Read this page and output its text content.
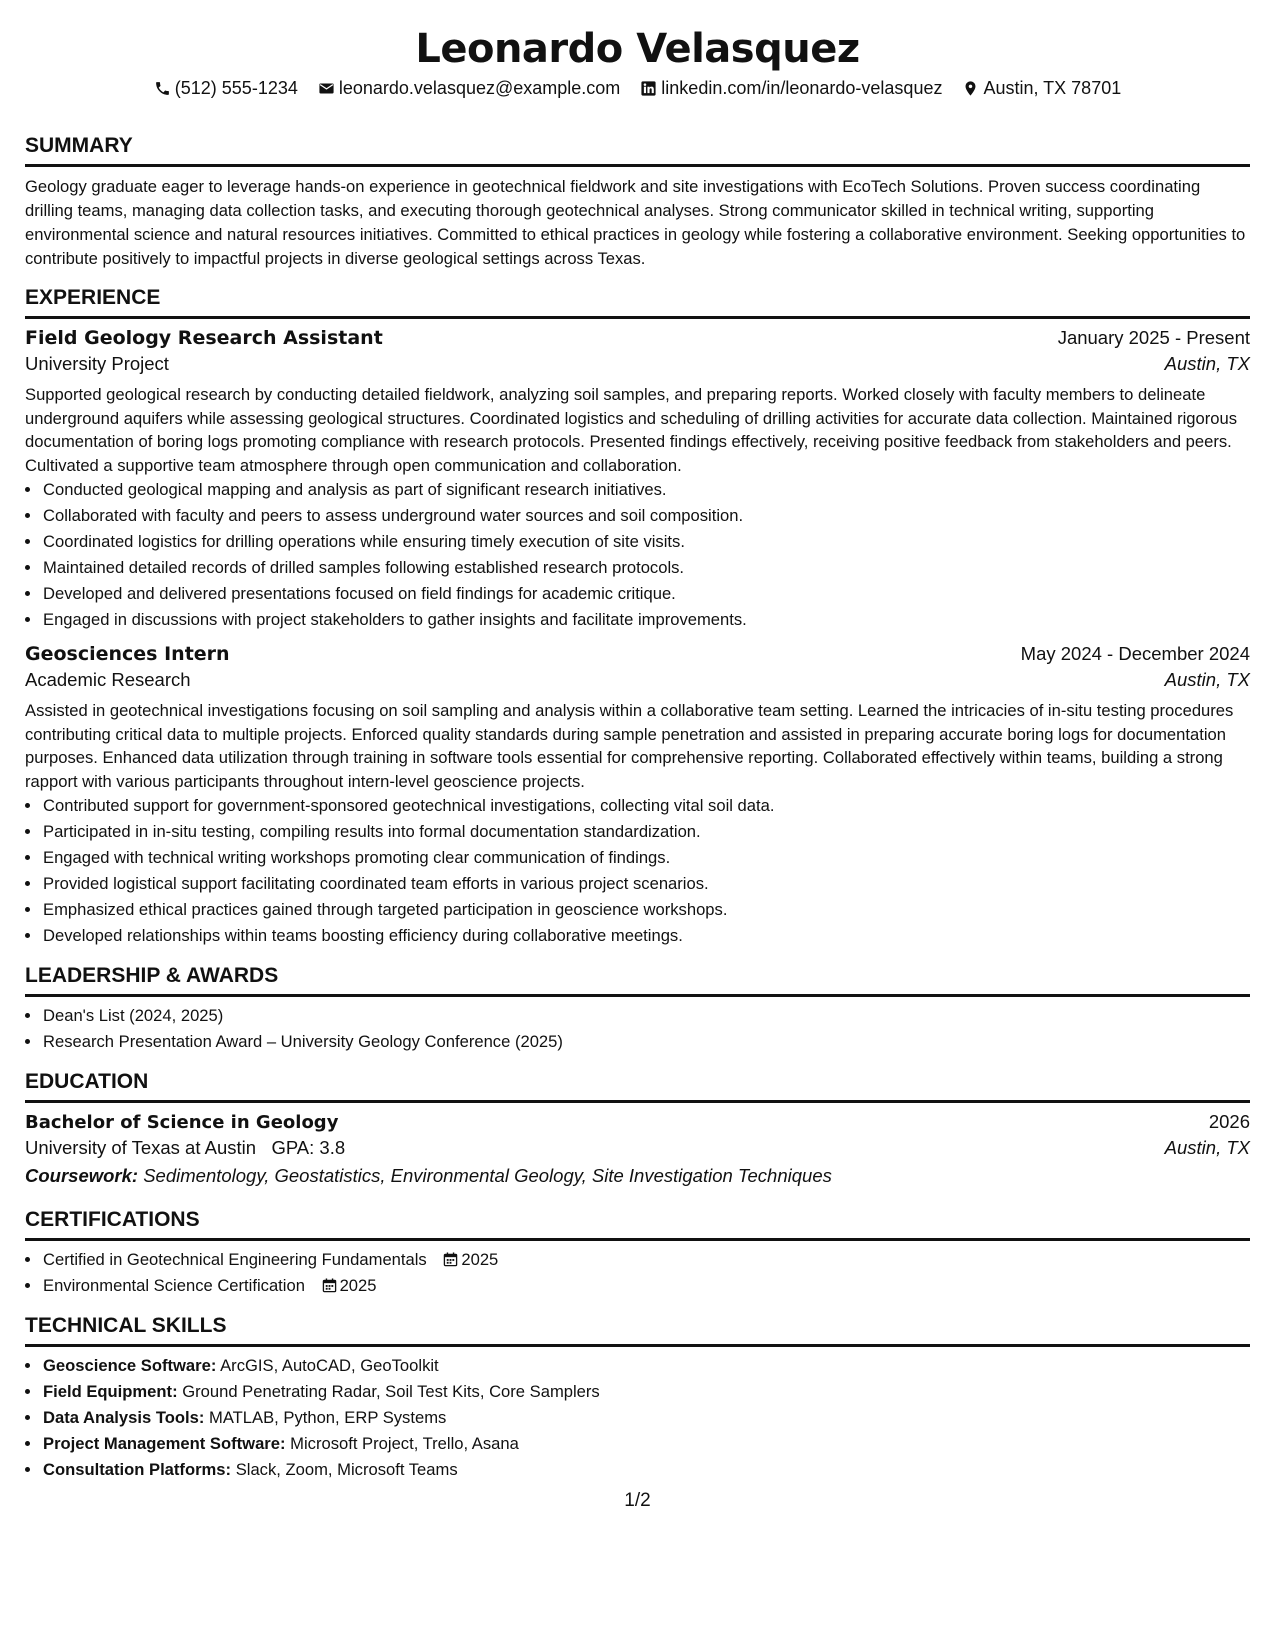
Leonardo Velasquez
(512) 555-1234 leonardo.velasquez@example.com linkedin.com/in/leonardo-velasquez Austin, TX 78701
SUMMARY
Geology graduate eager to leverage hands-on experience in geotechnical fieldwork and site investigations with EcoTech Solutions. Proven success coordinating drilling teams, managing data collection tasks, and executing thorough geotechnical analyses. Strong communicator skilled in technical writing, supporting environmental science and natural resources initiatives. Committed to ethical practices in geology while fostering a collaborative environment. Seeking opportunities to contribute positively to impactful projects in diverse geological settings across Texas.
EXPERIENCE
Field Geology Research Assistant	January 2025 - Present
University Project	Austin, TX
Supported geological research by conducting detailed fieldwork, analyzing soil samples, and preparing reports. Worked closely with faculty members to delineate underground aquifers while assessing geological structures. Coordinated logistics and scheduling of drilling activities for accurate data collection. Maintained rigorous documentation of boring logs promoting compliance with research protocols. Presented findings effectively, receiving positive feedback from stakeholders and peers. Cultivated a supportive team atmosphere through open communication and collaboration.
• Conducted geological mapping and analysis as part of significant research initiatives.
• Collaborated with faculty and peers to assess underground water sources and soil composition.
• Coordinated logistics for drilling operations while ensuring timely execution of site visits.
• Maintained detailed records of drilled samples following established research protocols.
• Developed and delivered presentations focused on field findings for academic critique.
• Engaged in discussions with project stakeholders to gather insights and facilitate improvements.
Geosciences Intern	May 2024 - December 2024
Academic Research	Austin, TX
Assisted in geotechnical investigations focusing on soil sampling and analysis within a collaborative team setting. Learned the intricacies of in-situ testing procedures contributing critical data to multiple projects. Enforced quality standards during sample penetration and assisted in preparing accurate boring logs for documentation purposes. Enhanced data utilization through training in software tools essential for comprehensive reporting. Collaborated effectively within teams, building a strong rapport with various participants throughout intern-level geoscience projects.
• Contributed support for government-sponsored geotechnical investigations, collecting vital soil data.
• Participated in in-situ testing, compiling results into formal documentation standardization.
• Engaged with technical writing workshops promoting clear communication of findings.
• Provided logistical support facilitating coordinated team efforts in various project scenarios.
• Emphasized ethical practices gained through targeted participation in geoscience workshops.
• Developed relationships within teams boosting efficiency during collaborative meetings.
LEADERSHIP & AWARDS
• Dean's List (2024, 2025)
• Research Presentation Award – University Geology Conference (2025)
EDUCATION
Bachelor of Science in Geology	2026
University of Texas at Austin GPA: 3.8	Austin, TX
Coursework: Sedimentology, Geostatistics, Environmental Geology, Site Investigation Techniques
CERTIFICATIONS
• Certified in Geotechnical Engineering Fundamentals 2025
• Environmental Science Certification 2025
TECHNICAL SKILLS
• Geoscience Software: ArcGIS, AutoCAD, GeoToolkit
• Field Equipment: Ground Penetrating Radar, Soil Test Kits, Core Samplers
• Data Analysis Tools: MATLAB, Python, ERP Systems
• Project Management Software: Microsoft Project, Trello, Asana
• Consultation Platforms: Slack, Zoom, Microsoft Teams
1/2
